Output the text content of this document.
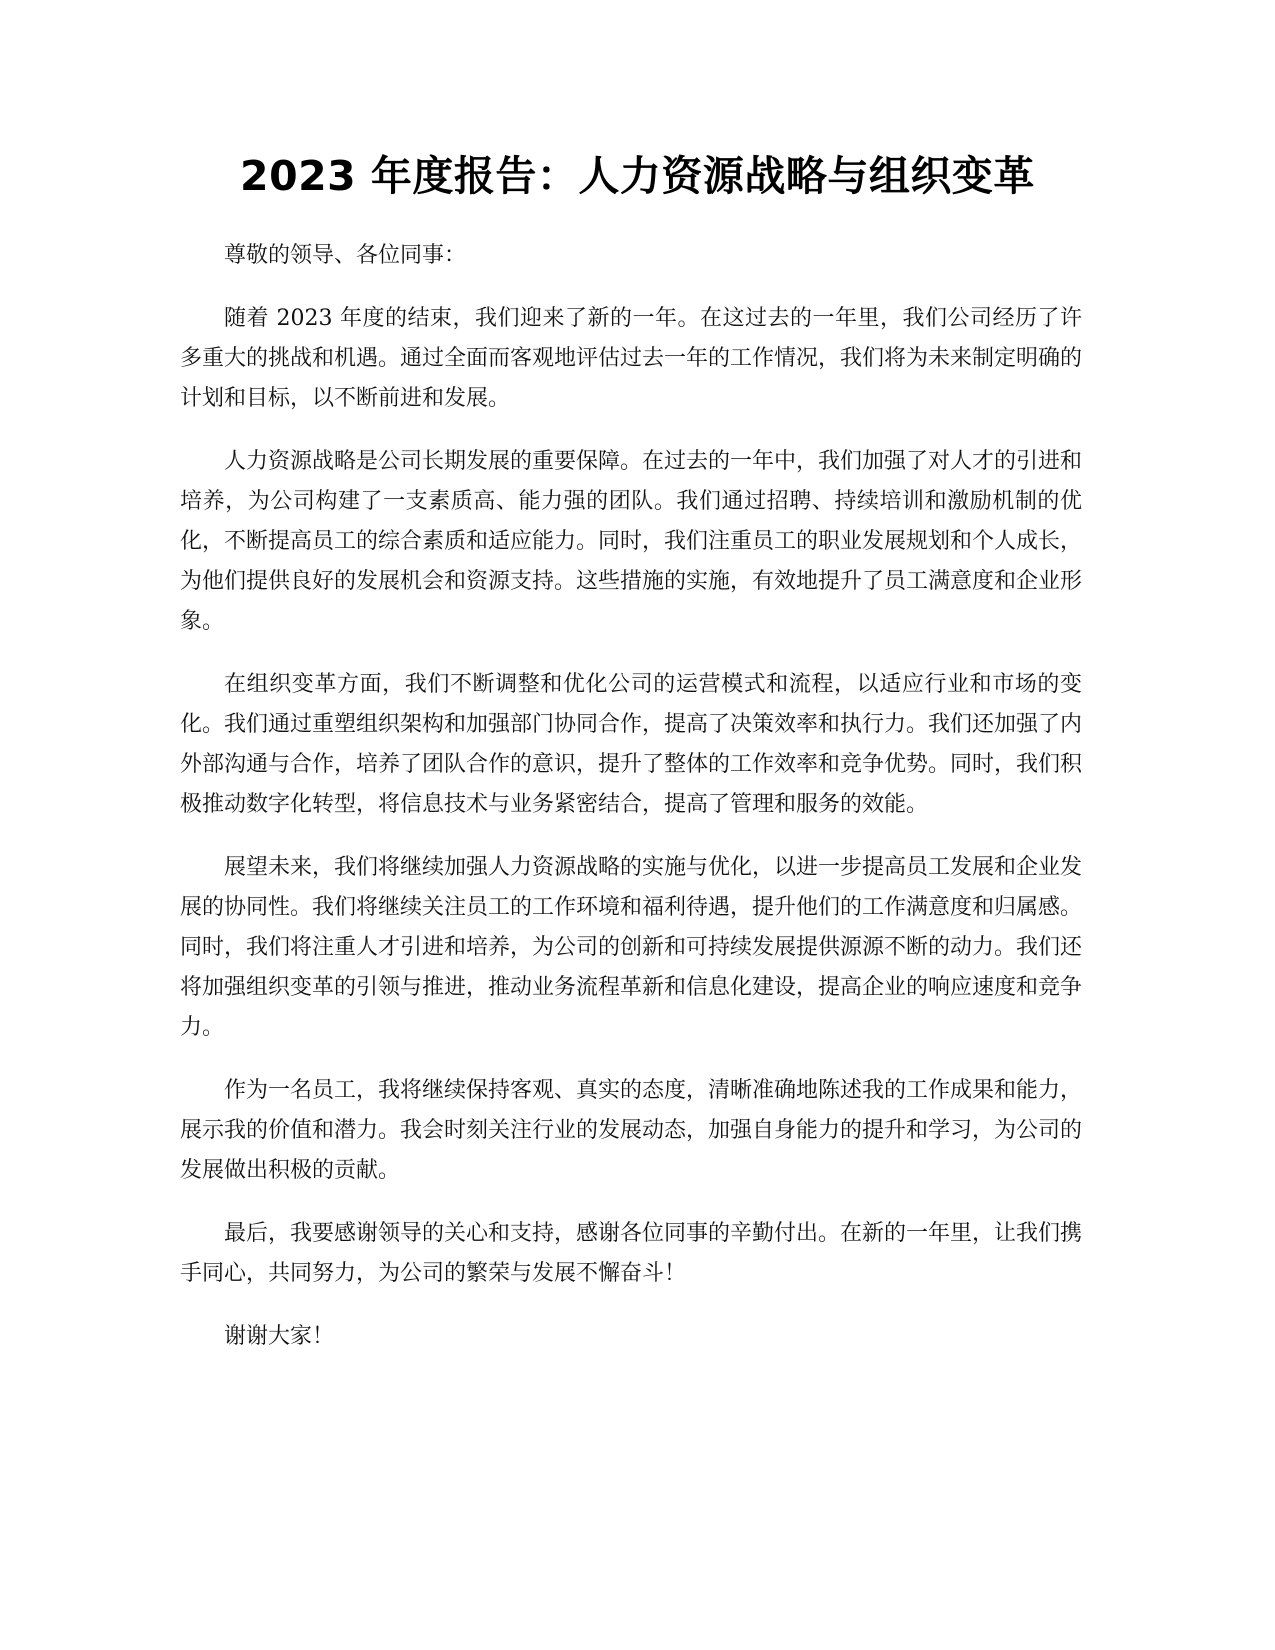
2023 年度报告：人力资源战略与组织变革

尊敬的领导、各位同事：

随着 2023 年度的结束，我们迎来了新的一年。在这过去的一年里，我们公司经历了许多重大的挑战和机遇。通过全面而客观地评估过去一年的工作情况，我们将为未来制定明确的计划和目标，以不断前进和发展。

人力资源战略是公司长期发展的重要保障。在过去的一年中，我们加强了对人才的引进和培养，为公司构建了一支素质高、能力强的团队。我们通过招聘、持续培训和激励机制的优化，不断提高员工的综合素质和适应能力。同时，我们注重员工的职业发展规划和个人成长，为他们提供良好的发展机会和资源支持。这些措施的实施，有效地提升了员工满意度和企业形象。

在组织变革方面，我们不断调整和优化公司的运营模式和流程，以适应行业和市场的变化。我们通过重塑组织架构和加强部门协同合作，提高了决策效率和执行力。我们还加强了内外部沟通与合作，培养了团队合作的意识，提升了整体的工作效率和竞争优势。同时，我们积极推动数字化转型，将信息技术与业务紧密结合，提高了管理和服务的效能。

展望未来，我们将继续加强人力资源战略的实施与优化，以进一步提高员工发展和企业发展的协同性。我们将继续关注员工的工作环境和福利待遇，提升他们的工作满意度和归属感。同时，我们将注重人才引进和培养，为公司的创新和可持续发展提供源源不断的动力。我们还将加强组织变革的引领与推进，推动业务流程革新和信息化建设，提高企业的响应速度和竞争力。

作为一名员工，我将继续保持客观、真实的态度，清晰准确地陈述我的工作成果和能力，展示我的价值和潜力。我会时刻关注行业的发展动态，加强自身能力的提升和学习，为公司的发展做出积极的贡献。

最后，我要感谢领导的关心和支持，感谢各位同事的辛勤付出。在新的一年里，让我们携手同心，共同努力，为公司的繁荣与发展不懈奋斗！

谢谢大家！
